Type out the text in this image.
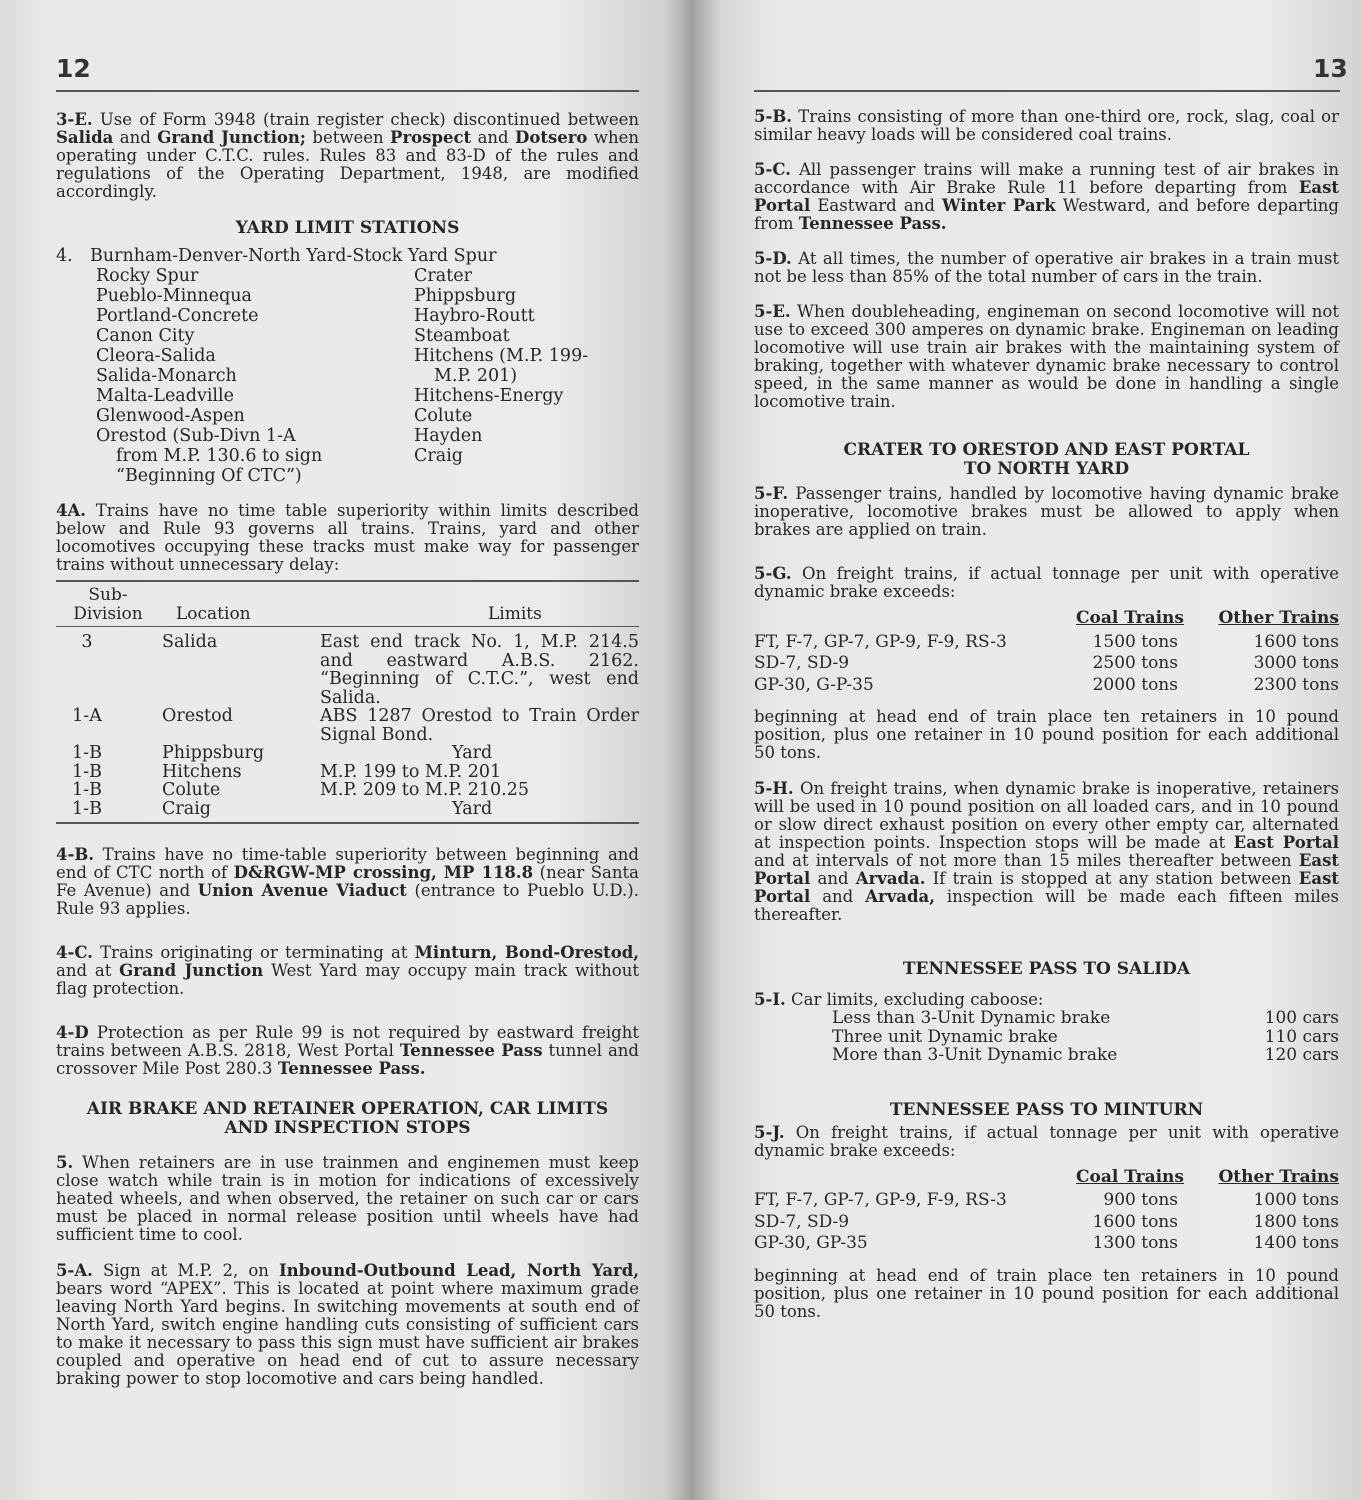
12

3-E. Use of Form 3948 (train register check) discontinued between Salida and Grand Junction; between Prospect and Dotsero when operating under C.T.C. rules. Rules 83 and 83-D of the rules and regulations of the Operating Department, 1948, are modified accordingly.

YARD LIMIT STATIONS
4. Burnham-Denver-North Yard-Stock Yard Spur
Rocky Spur
Pueblo-Minnequa
Portland-Concrete
Canon City
Cleora-Salida
Salida-Monarch
Malta-Leadville
Glenwood-Aspen
Orestod (Sub-Divn 1-A
from M.P. 130.6 to sign
“Beginning Of CTC”)
Crater
Phippsburg
Haybro-Routt
Steamboat
Hitchens (M.P. 199-
M.P. 201)
Hitchens-Energy
Colute
Hayden
Craig

4A. Trains have no time table superiority within limits described below and Rule 93 governs all trains. Trains, yard and other locomotives occupying these tracks must make way for passenger trains without unnecessary delay:

Sub-
Division	Location	Limits
3	Salida	East end track No. 1, M.P. 214.5 and eastward A.B.S. 2162. “Beginning of C.T.C.”, west end Salida.
1-A	Orestod	ABS 1287 Orestod to Train Order Signal Bond.
1-B	Phippsburg	Yard
1-B	Hitchens	M.P. 199 to M.P. 201
1-B	Colute	M.P. 209 to M.P. 210.25
1-B	Craig	Yard

4-B. Trains have no time-table superiority between beginning and end of CTC north of D&RGW-MP crossing, MP 118.8 (near Santa Fe Avenue) and Union Avenue Viaduct (entrance to Pueblo U.D.). Rule 93 applies.

4-C. Trains originating or terminating at Minturn, Bond-Orestod, and at Grand Junction West Yard may occupy main track without flag protection.

4-D Protection as per Rule 99 is not required by eastward freight trains between A.B.S. 2818, West Portal Tennessee Pass tunnel and crossover Mile Post 280.3 Tennessee Pass.

AIR BRAKE AND RETAINER OPERATION, CAR LIMITS
AND INSPECTION STOPS

5. When retainers are in use trainmen and enginemen must keep close watch while train is in motion for indications of excessively heated wheels, and when observed, the retainer on such car or cars must be placed in normal release position until wheels have had sufficient time to cool.

5-A. Sign at M.P. 2, on Inbound-Outbound Lead, North Yard, bears word “APEX”. This is located at point where maximum grade leaving North Yard begins. In switching movements at south end of North Yard, switch engine handling cuts consisting of sufficient cars to make it necessary to pass this sign must have sufficient air brakes coupled and operative on head end of cut to assure necessary braking power to stop locomotive and cars being handled.

13

5-B. Trains consisting of more than one-third ore, rock, slag, coal or similar heavy loads will be considered coal trains.

5-C. All passenger trains will make a running test of air brakes in accordance with Air Brake Rule 11 before departing from East Portal Eastward and Winter Park Westward, and before departing from Tennessee Pass.

5-D. At all times, the number of operative air brakes in a train must not be less than 85% of the total number of cars in the train.

5-E. When doubleheading, engineman on second locomotive will not use to exceed 300 amperes on dynamic brake. Engineman on leading locomotive will use train air brakes with the maintaining system of braking, together with whatever dynamic brake necessary to control speed, in the same manner as would be done in handling a single locomotive train.

CRATER TO ORESTOD AND EAST PORTAL
TO NORTH YARD

5-F. Passenger trains, handled by locomotive having dynamic brake inoperative, locomotive brakes must be allowed to apply when brakes are applied on train.

5-G. On freight trains, if actual tonnage per unit with operative dynamic brake exceeds:

	Coal Trains	Other Trains
FT, F-7, GP-7, GP-9, F-9, RS-3	1500 tons	1600 tons
SD-7, SD-9	2500 tons	3000 tons
GP-30, G-P-35	2000 tons	2300 tons

beginning at head end of train place ten retainers in 10 pound position, plus one retainer in 10 pound position for each additional 50 tons.

5-H. On freight trains, when dynamic brake is inoperative, retainers will be used in 10 pound position on all loaded cars, and in 10 pound or slow direct exhaust position on every other empty car, alternated at inspection points. Inspection stops will be made at East Portal and at intervals of not more than 15 miles thereafter between East Portal and Arvada. If train is stopped at any station between East Portal and Arvada, inspection will be made each fifteen miles thereafter.

TENNESSEE PASS TO SALIDA

5-I. Car limits, excluding caboose:

Less than 3-Unit Dynamic brake	100 cars
Three unit Dynamic brake	110 cars
More than 3-Unit Dynamic brake	120 cars
TENNESSEE PASS TO MINTURN

5-J. On freight trains, if actual tonnage per unit with operative dynamic brake exceeds:

	Coal Trains	Other Trains
FT, F-7, GP-7, GP-9, F-9, RS-3	900 tons	1000 tons
SD-7, SD-9	1600 tons	1800 tons
GP-30, GP-35	1300 tons	1400 tons

beginning at head end of train place ten retainers in 10 pound position, plus one retainer in 10 pound position for each additional 50 tons.
